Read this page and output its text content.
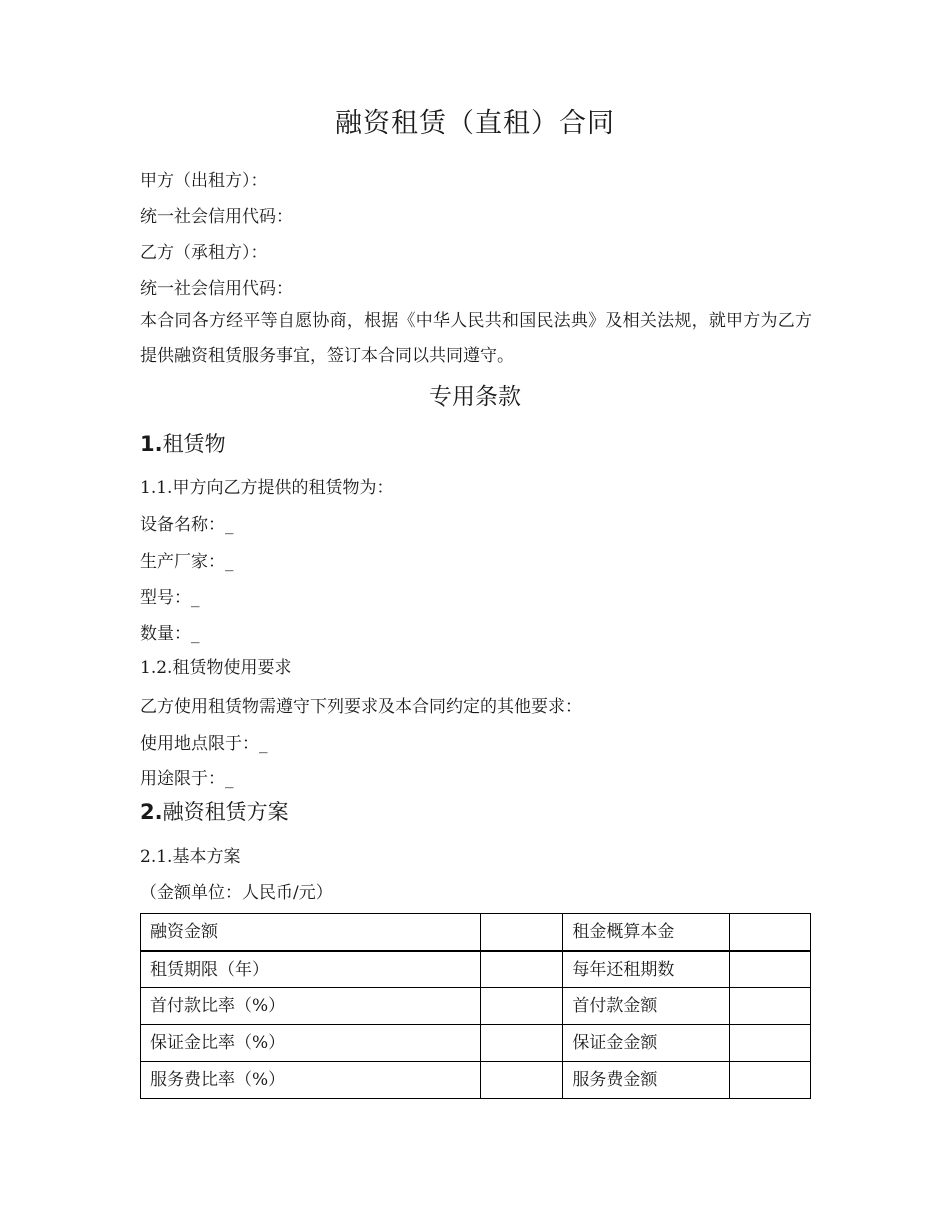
融资租赁（直租）合同
甲方（出租方）：
统一社会信用代码：
乙方（承租方）：
统一社会信用代码：
本合同各方经平等自愿协商，根据《中华人民共和国民法典》及相关法规，就甲方为乙方提供融资租赁服务事宜，签订本合同以共同遵守。
专用条款
1.租赁物
1.1.甲方向乙方提供的租赁物为：
设备名称：_
生产厂家：_
型号：_
数量：_
1.2.租赁物使用要求
乙方使用租赁物需遵守下列要求及本合同约定的其他要求：
使用地点限于：_
用途限于：_
2.融资租赁方案
2.1.基本方案
（金额单位：人民币/元）
融资金额		租金概算本金	
租赁期限（年）		每年还租期数	
首付款比率（%）		首付款金额	
保证金比率（%）		保证金金额	
服务费比率（%）		服务费金额	
